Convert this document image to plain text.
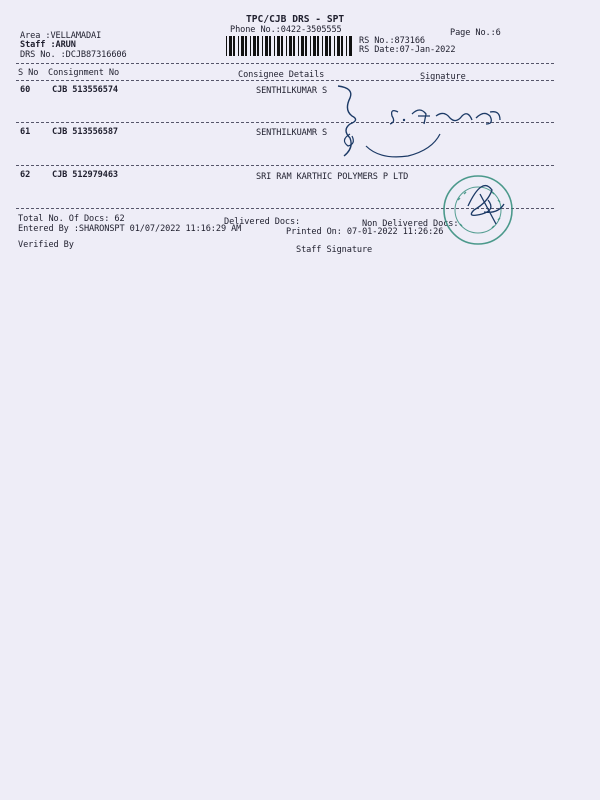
TPC/CJB DRS - SPT
Phone No.:0422-3505555	Page No.:6
Area :VELLAMADAI
Staff :ARUN
DRS No. :DCJB87316606
RS No.:873166
RS Date:07-Jan-2022
S No Consignment No	Consignee Details	Signature
60	CJB 513556574	SENTHILKUMAR S
61	CJB 513556587	SENTHILKUAMR S
62	CJB 512979463	SRI RAM KARTHIC POLYMERS P LTD
Total No. Of Docs: 62	Delivered Docs:	Non Delivered Docs:
Entered By :SHARONSPT 01/07/2022 11:16:29 AM	Printed On: 07-01-2022 11:26:26
Verified By	Staff Signature
